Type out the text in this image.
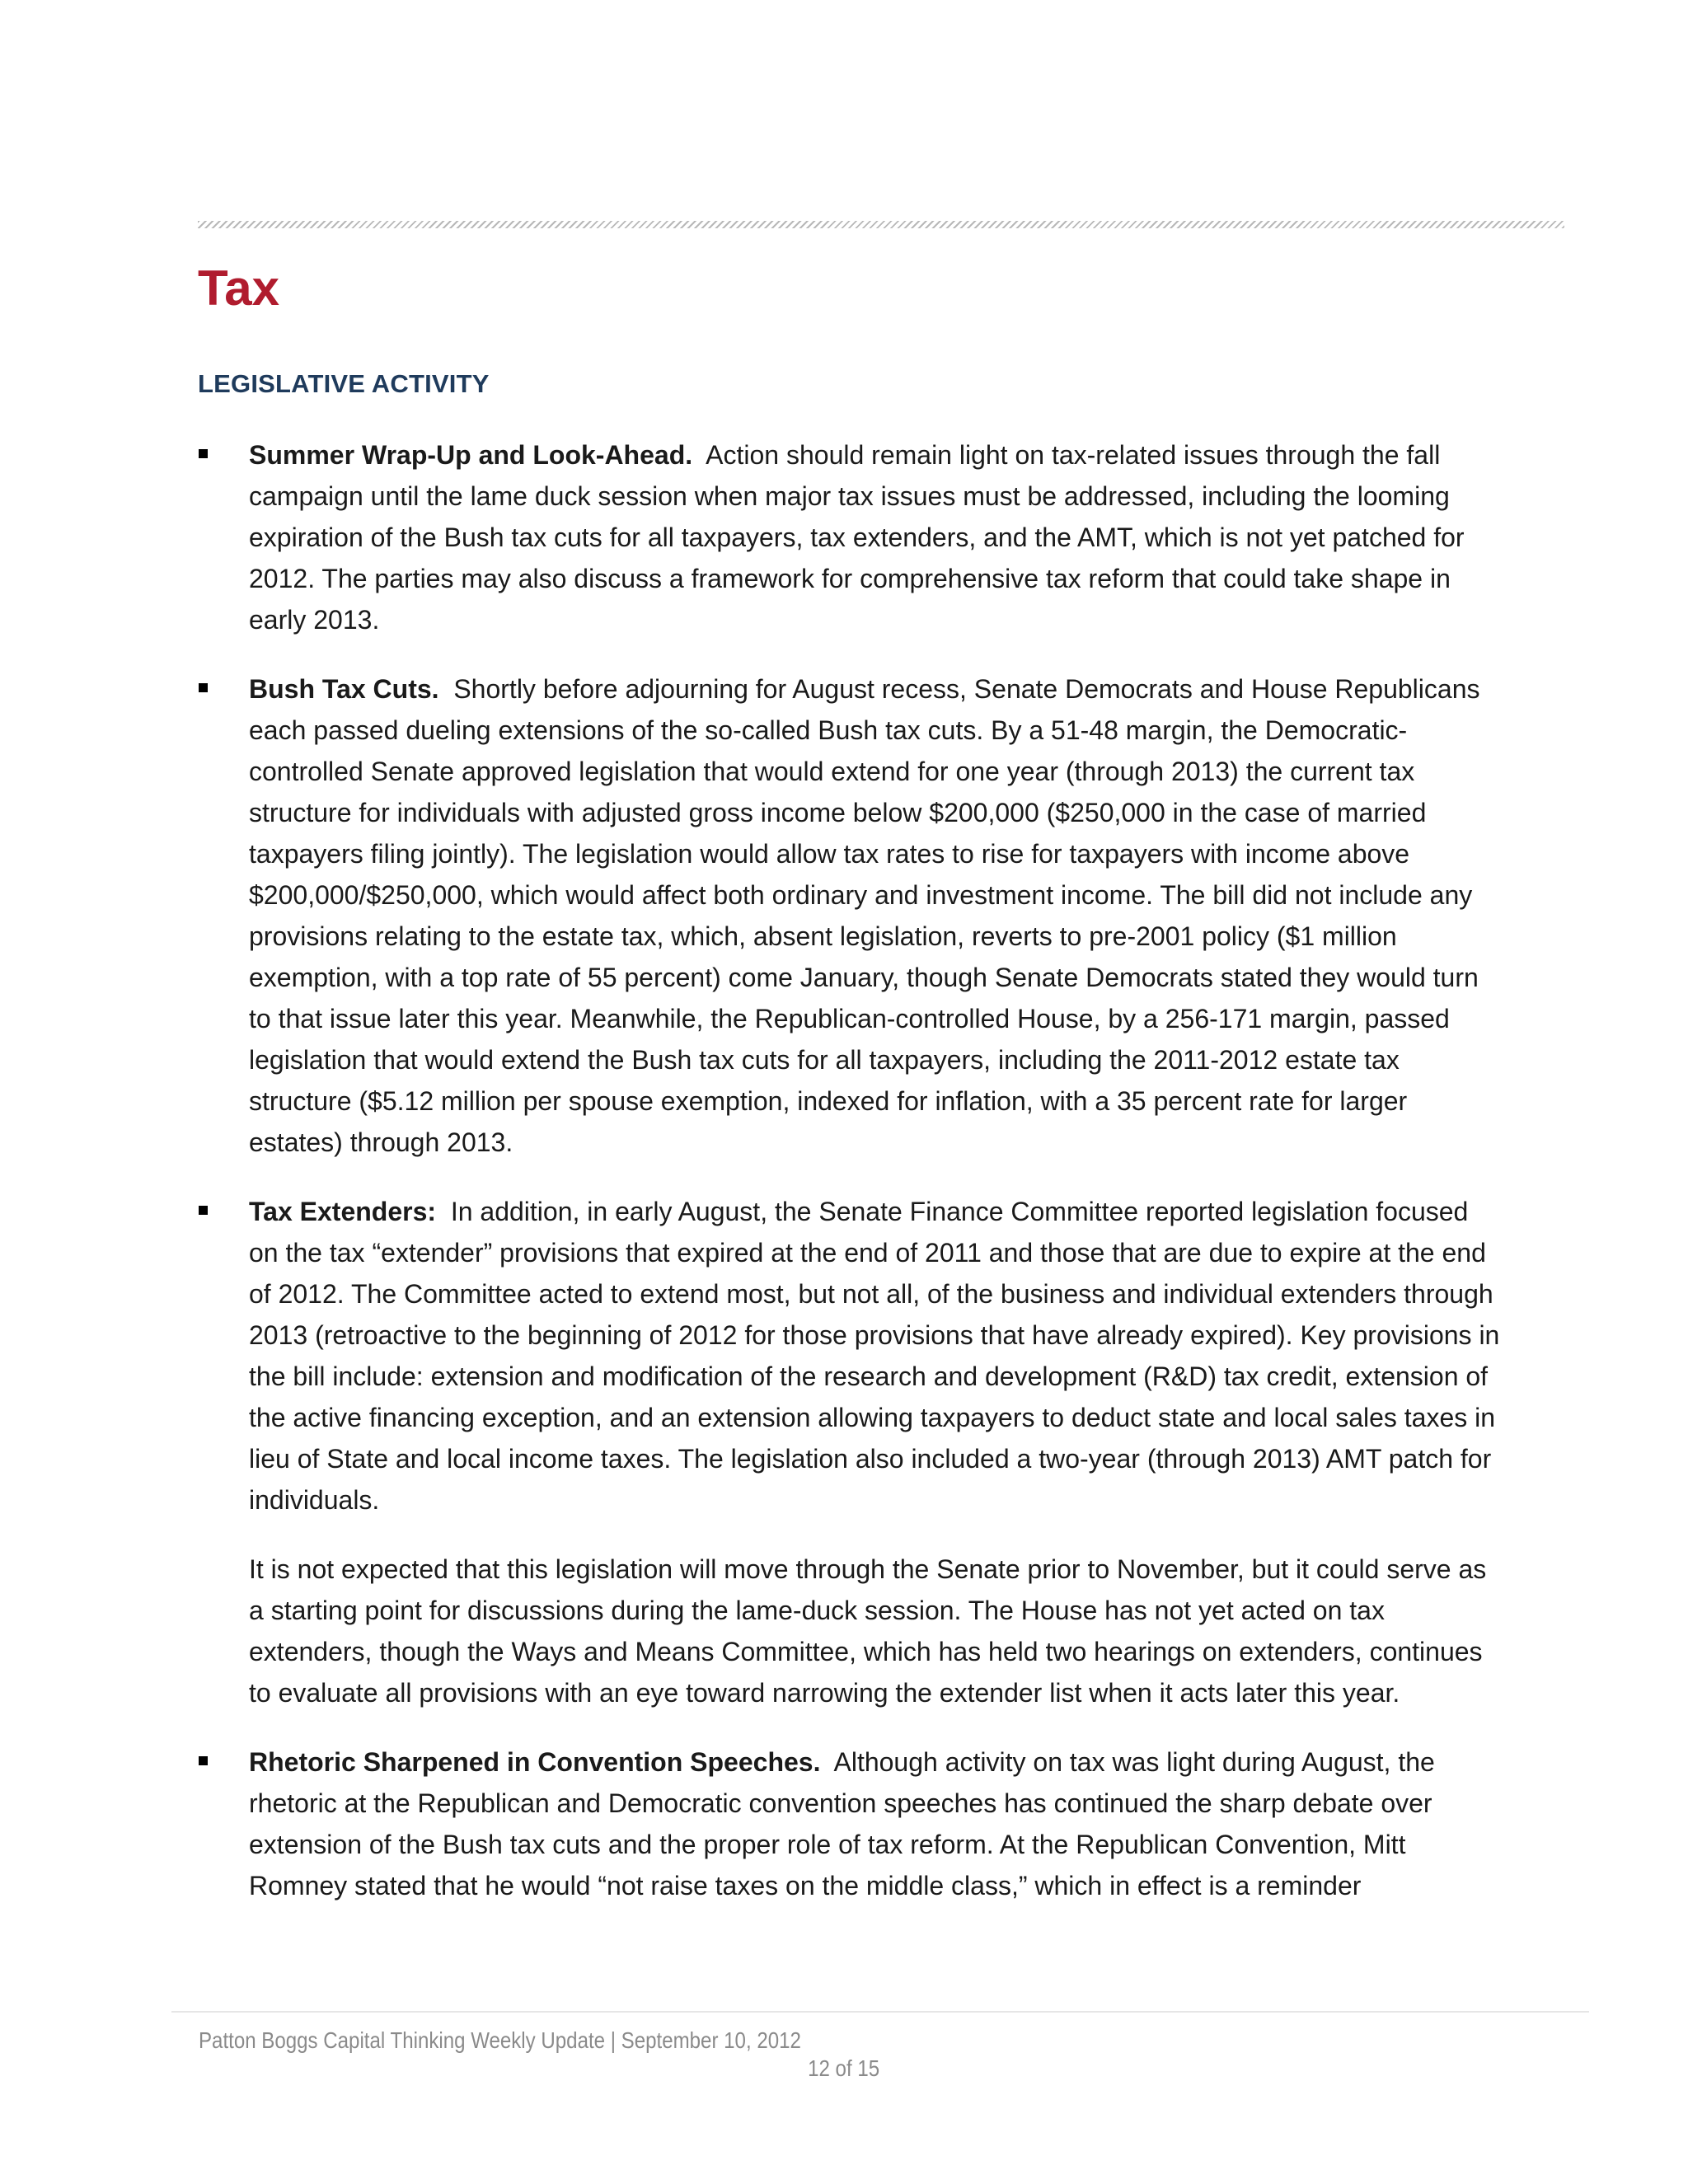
Tax
LEGISLATIVE ACTIVITY

Summer Wrap-Up and Look-Ahead. Action should remain light on tax-related issues through the fall campaign until the lame duck session when major tax issues must be addressed, including the looming expiration of the Bush tax cuts for all taxpayers, tax extenders, and the AMT, which is not yet patched for 2012. The parties may also discuss a framework for comprehensive tax reform that could take shape in early 2013.

Bush Tax Cuts. Shortly before adjourning for August recess, Senate Democrats and House Republicans each passed dueling extensions of the so-called Bush tax cuts. By a 51-48 margin, the Democratic-controlled Senate approved legislation that would extend for one year (through 2013) the current tax structure for individuals with adjusted gross income below $200,000 ($250,000 in the case of married taxpayers filing jointly). The legislation would allow tax rates to rise for taxpayers with income above $200,000/$250,000, which would affect both ordinary and investment income. The bill did not include any provisions relating to the estate tax, which, absent legislation, reverts to pre-2001 policy ($1 million exemption, with a top rate of 55 percent) come January, though Senate Democrats stated they would turn to that issue later this year. Meanwhile, the Republican-controlled House, by a 256-171 margin, passed legislation that would extend the Bush tax cuts for all taxpayers, including the 2011-2012 estate tax structure ($5.12 million per spouse exemption, indexed for inflation, with a 35 percent rate for larger estates) through 2013.

Tax Extenders: In addition, in early August, the Senate Finance Committee reported legislation focused on the tax “extender” provisions that expired at the end of 2011 and those that are due to expire at the end of 2012. The Committee acted to extend most, but not all, of the business and individual extenders through 2013 (retroactive to the beginning of 2012 for those provisions that have already expired). Key provisions in the bill include: extension and modification of the research and development (R&D) tax credit, extension of the active financing exception, and an extension allowing taxpayers to deduct state and local sales taxes in lieu of State and local income taxes. The legislation also included a two-year (through 2013) AMT patch for individuals.

It is not expected that this legislation will move through the Senate prior to November, but it could serve as a starting point for discussions during the lame-duck session. The House has not yet acted on tax extenders, though the Ways and Means Committee, which has held two hearings on extenders, continues to evaluate all provisions with an eye toward narrowing the extender list when it acts later this year.

Rhetoric Sharpened in Convention Speeches. Although activity on tax was light during August, the rhetoric at the Republican and Democratic convention speeches has continued the sharp debate over extension of the Bush tax cuts and the proper role of tax reform. At the Republican Convention, Mitt Romney stated that he would “not raise taxes on the middle class,” which in effect is a reminder

Patton Boggs Capital Thinking Weekly Update | September 10, 2012
12 of 15
